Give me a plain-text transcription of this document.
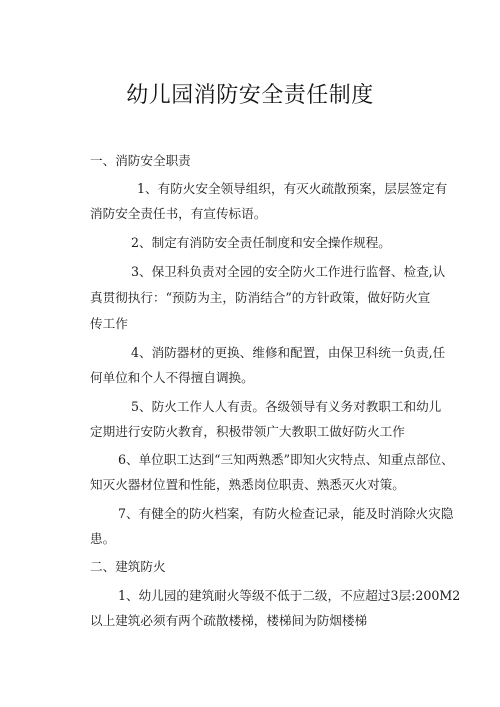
幼儿园消防安全责任制度
一、消防安全职责
1、有防火安全领导组织，有灭火疏散预案，层层签定有
消防安全责任书，有宣传标语。
2、制定有消防安全责任制度和安全操作规程。
3、保卫科负责对全园的安全防火工作进行监督、检查,认
真贯彻执行：“预防为主，防消结合”的方针政策，做好防火宣
传工作
4、消防器材的更换、维修和配置，由保卫科统一负责,任
何单位和个人不得擅自调换。
5、防火工作人人有责。各级领导有义务对教职工和幼儿
定期进行安防火教育，积极带领广大教职工做好防火工作
6、单位职工达到“三知两熟悉”即知火灾特点、知重点部位、
知灭火器材位置和性能，熟悉岗位职责、熟悉灭火对策。
7、有健全的防火档案，有防火检查记录，能及时消除火灾隐
患。
二、建筑防火
1、幼儿园的建筑耐火等级不低于二级，不应超过3层:200M2
以上建筑必须有两个疏散楼梯，楼梯间为防烟楼梯
